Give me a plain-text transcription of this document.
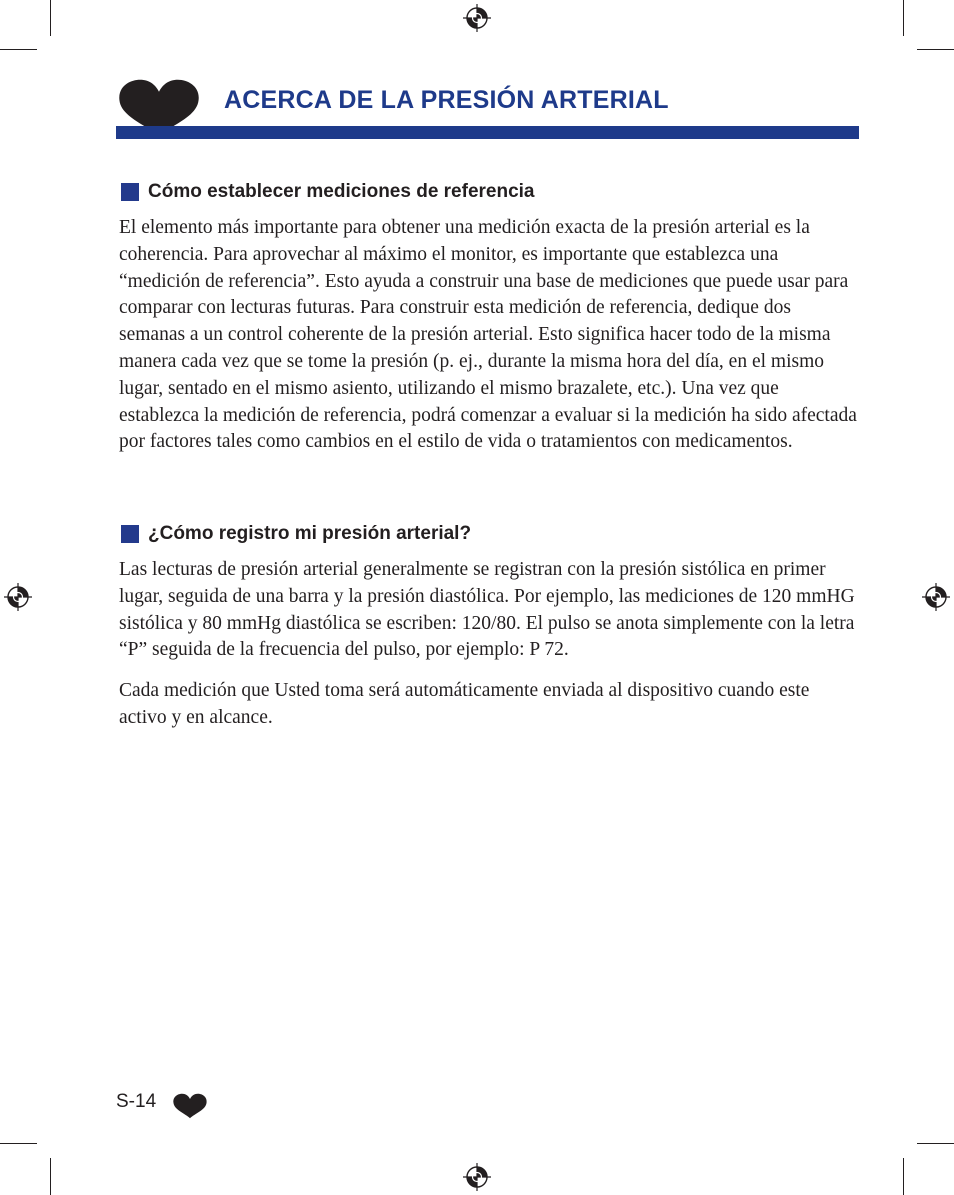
ACERCA DE LA PRESIÓN ARTERIAL
Cómo establecer mediciones de referencia

El elemento más importante para obtener una medición exacta de la presión arterial es la coherencia. Para aprovechar al máximo el monitor, es importante que establezca una “medición de referencia”. Esto ayuda a construir una base de mediciones que puede usar para comparar con lecturas futuras. Para construir esta medición de referencia, dedique dos semanas a un control coherente de la presión arterial. Esto significa hacer todo de la misma manera cada vez que se tome la presión (p. ej., durante la misma hora del día, en el mismo lugar, sentado en el mismo asiento, utilizando el mismo brazalete, etc.). Una vez que establezca la medición de referencia, podrá comenzar a evaluar si la medición ha sido afectada por factores tales como cambios en el estilo de vida o tratamientos con medicamentos.

¿Cómo registro mi presión arterial?

Las lecturas de presión arterial generalmente se registran con la presión sistólica en primer lugar, seguida de una barra y la presión diastólica. Por ejemplo, las mediciones de 120 mmHG sistólica y 80 mmHg diastólica se escriben: 120/80. El pulso se anota simplemente con la letra “P” seguida de la frecuencia del pulso, por ejemplo: P 72.

Cada medición que Usted toma será automáticamente enviada al dispositivo cuando este activo y en alcance.

S-14
